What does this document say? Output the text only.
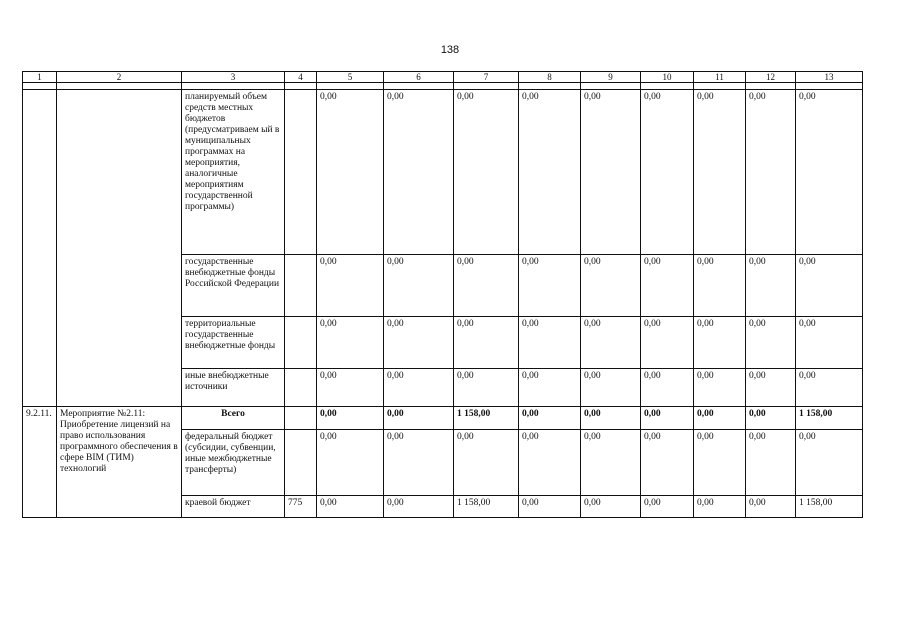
138
1	2	3	4	5	6	7	8	9	10	11	12	13

		планируемый объем средств местных бюджетов (предусматриваем ый в муниципальных программах на мероприятия, аналогичные мероприятиям государственной программы)		0,00	0,00	0,00	0,00	0,00	0,00	0,00	0,00	0,00
		государственные внебюджетные фонды Российской Федерации		0,00	0,00	0,00	0,00	0,00	0,00	0,00	0,00	0,00
		территориальные государственные внебюджетные фонды		0,00	0,00	0,00	0,00	0,00	0,00	0,00	0,00	0,00
		иные внебюджетные источники		0,00	0,00	0,00	0,00	0,00	0,00	0,00	0,00	0,00
9.2.11.	Мероприятие №2.11: Приобретение лицензий на право использования программного обеспечения в сфере BIM (ТИМ) технологий	Всего		0,00	0,00	1 158,00	0,00	0,00	0,00	0,00	0,00	1 158,00
		федеральный бюджет (субсидии, субвенции, иные межбюджетные трансферты)		0,00	0,00	0,00	0,00	0,00	0,00	0,00	0,00	0,00
		краевой бюджет	775	0,00	0,00	1 158,00	0,00	0,00	0,00	0,00	0,00	1 158,00
